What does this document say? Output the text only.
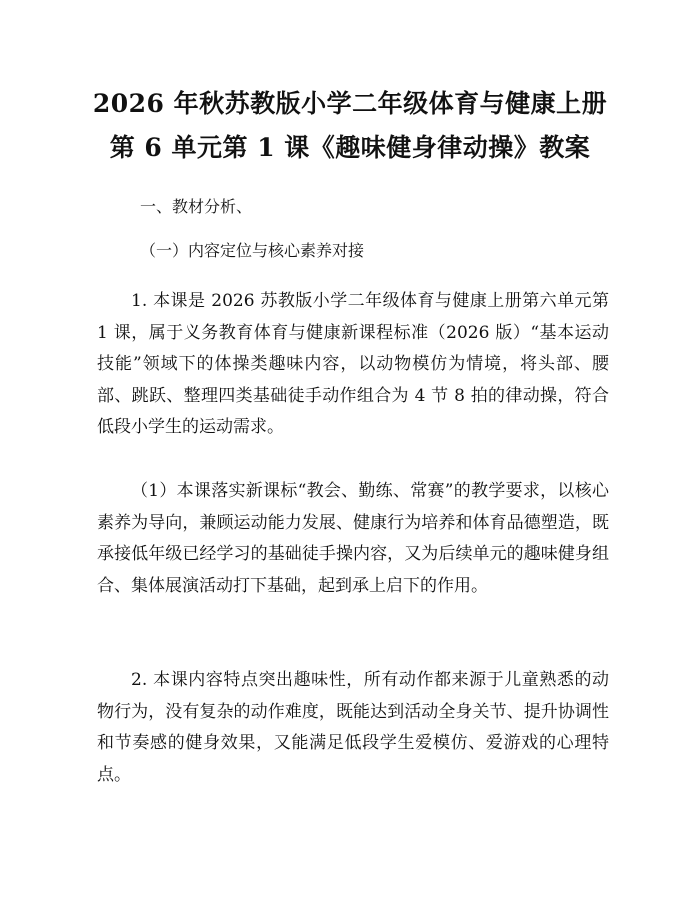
2026 年秋苏教版小学二年级体育与健康上册
第 6 单元第 1 课《趣味健身律动操》教案
一、教材分析、
（一）内容定位与核心素养对接
1. 本课是 2026 苏教版小学二年级体育与健康上册第六单元第 1 课，属于义务教育体育与健康新课程标准（2026 版）“基本运动技能”领域下的体操类趣味内容，以动物模仿为情境，将头部、腰部、跳跃、整理四类基础徒手动作组合为 4 节 8 拍的律动操，符合低段小学生的运动需求。
（1）本课落实新课标“教会、勤练、常赛”的教学要求，以核心素养为导向，兼顾运动能力发展、健康行为培养和体育品德塑造，既承接低年级已经学习的基础徒手操内容，又为后续单元的趣味健身组合、集体展演活动打下基础，起到承上启下的作用。
2. 本课内容特点突出趣味性，所有动作都来源于儿童熟悉的动物行为，没有复杂的动作难度，既能达到活动全身关节、提升协调性和节奏感的健身效果，又能满足低段学生爱模仿、爱游戏的心理特点。
